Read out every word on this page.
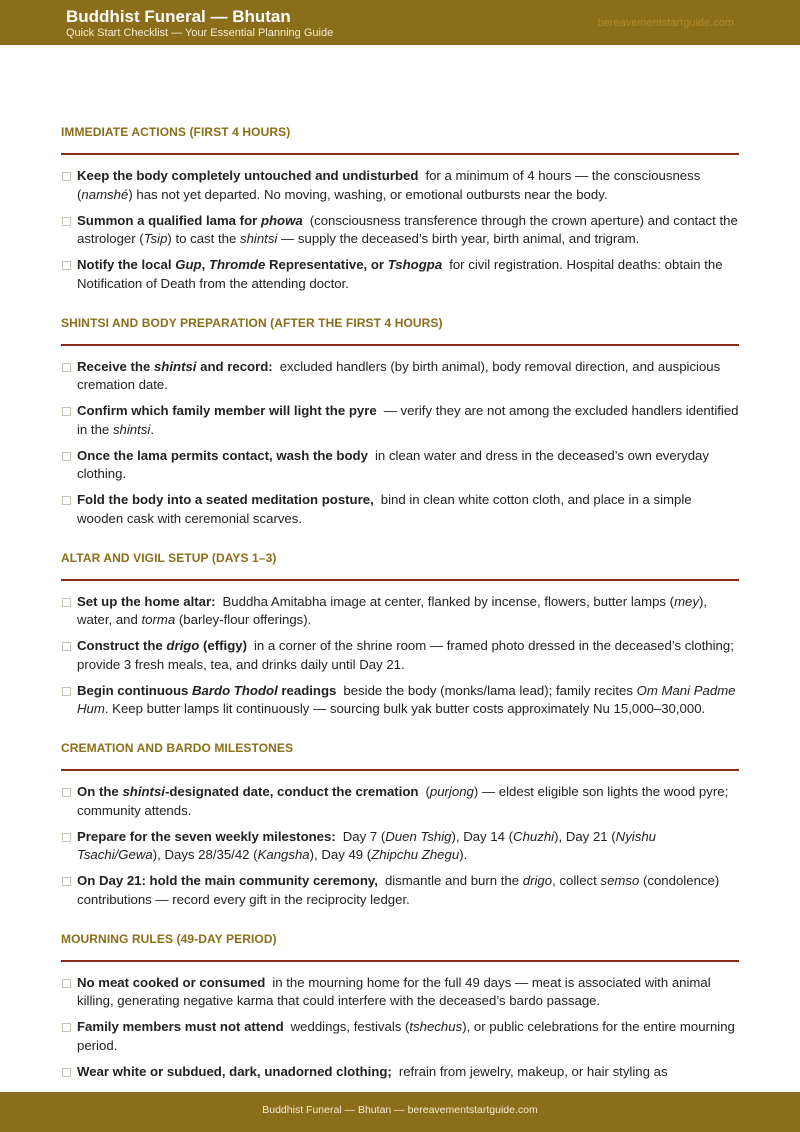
Buddhist Funeral — Bhutan
Quick Start Checklist — Your Essential Planning Guide
bereavementstartguide.com
IMMEDIATE ACTIONS (FIRST 4 HOURS)
Keep the body completely untouched and undisturbed for a minimum of 4 hours — the consciousness (namshé) has not yet departed. No moving, washing, or emotional outbursts near the body.
Summon a qualified lama for phowa (consciousness transference through the crown aperture) and contact the astrologer (Tsip) to cast the shintsi — supply the deceased’s birth year, birth animal, and trigram.
Notify the local Gup, Thromde Representative, or Tshogpa for civil registration. Hospital deaths: obtain the Notification of Death from the attending doctor.
SHINTSI AND BODY PREPARATION (AFTER THE FIRST 4 HOURS)
Receive the shintsi and record: excluded handlers (by birth animal), body removal direction, and auspicious cremation date.
Confirm which family member will light the pyre — verify they are not among the excluded handlers identified in the shintsi.
Once the lama permits contact, wash the body in clean water and dress in the deceased’s own everyday clothing.
Fold the body into a seated meditation posture, bind in clean white cotton cloth, and place in a simple wooden cask with ceremonial scarves.
ALTAR AND VIGIL SETUP (DAYS 1–3)
Set up the home altar: Buddha Amitabha image at center, flanked by incense, flowers, butter lamps (mey), water, and torma (barley-flour offerings).
Construct the drigo (effigy) in a corner of the shrine room — framed photo dressed in the deceased’s clothing; provide 3 fresh meals, tea, and drinks daily until Day 21.
Begin continuous Bardo Thodol readings beside the body (monks/lama lead); family recites Om Mani Padme Hum. Keep butter lamps lit continuously — sourcing bulk yak butter costs approximately Nu 15,000–30,000.
CREMATION AND BARDO MILESTONES
On the shintsi-designated date, conduct the cremation (purjong) — eldest eligible son lights the wood pyre; community attends.
Prepare for the seven weekly milestones: Day 7 (Duen Tshig), Day 14 (Chuzhi), Day 21 (Nyishu Tsachi/Gewa), Days 28/35/42 (Kangsha), Day 49 (Zhipchu Zhegu).
On Day 21: hold the main community ceremony, dismantle and burn the drigo, collect semso (condolence) contributions — record every gift in the reciprocity ledger.
MOURNING RULES (49-DAY PERIOD)
No meat cooked or consumed in the mourning home for the full 49 days — meat is associated with animal killing, generating negative karma that could interfere with the deceased’s bardo passage.
Family members must not attend weddings, festivals (tshechus), or public celebrations for the entire mourning period.
Wear white or subdued, dark, unadorned clothing; refrain from jewelry, makeup, or hair styling as
Buddhist Funeral — Bhutan — bereavementstartguide.com
